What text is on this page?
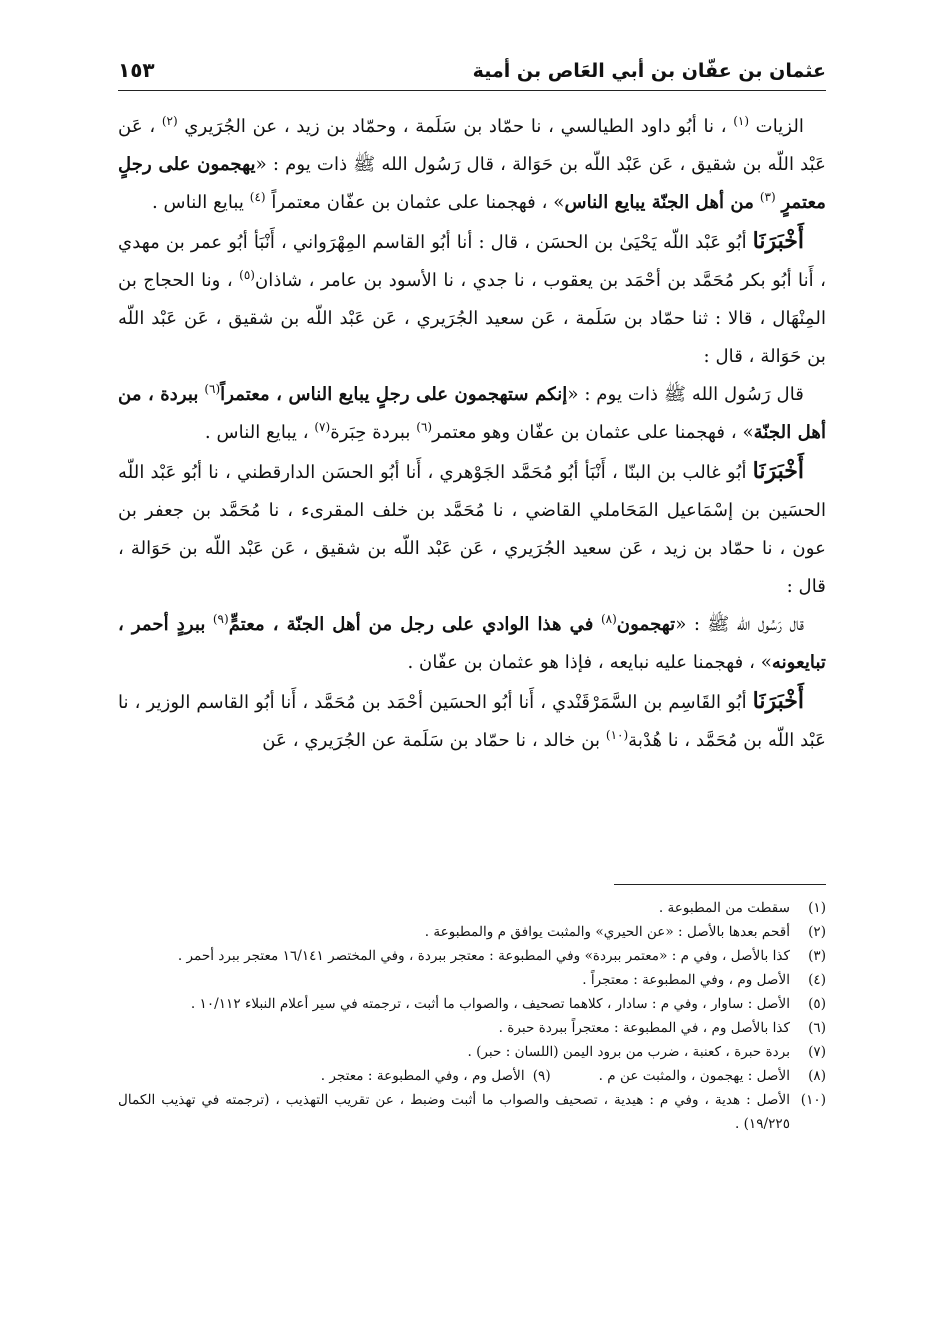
عثمان بن عفّان بن أبي العَاص بن أمية
١٥٣

الزيات $^{(١)}$ ، نا أبُو داود الطيالسي ، نا حمّاد بن سَلَمة ، وحمّاد بن زيد ، عن الجُرَيري $^{(٢)}$ ، عَن عَبْد اللّه بن شقيق ، عَن عَبْد اللّه بن حَوَالة ، قال رَسُول الله ﷺ ذات يوم : «يهجمون على رجلٍ معتمرٍ $^{(٣)}$ من أهل الجنّة يبايع الناس» ، فهجمنا على عثمان بن عفّان معتمراً $^{(٤)}$ يبايع الناس .

أَخْبَرَنَا أبُو عَبْد اللّه يَحْيَىٰ بن الحسَن ، قال : أنا أبُو القاسم المِهْرَواني ، أَنْبَأ أبُو عمر بن مهدي ، أَنا أبُو بكر مُحَمَّد بن أحْمَد بن يعقوب ، نا جدي ، نا الأسود بن عامر ، شاذان$^{(٥)}$ ، ونا الحجاج بن المِنْهَال ، قالا : ثنا حمّاد بن سَلَمة ، عَن سعيد الجُرَيري ، عَن عَبْد اللّه بن شقيق ، عَن عَبْد اللّه بن حَوَالة ، قال :

قال رَسُول الله ﷺ ذات يوم : «إنكم ستهجمون على رجلٍ يبايع الناس ، معتمراً$^{(٦)}$ ببردة ، من أهل الجنّة» ، فهجمنا على عثمان بن عفّان وهو معتمر$^{(٦)}$ ببردة حِبَرة$^{(٧)}$ ، يبايع الناس .

أَخْبَرَنَا أبُو غالب بن البنّا ، أَنْبَأ أبُو مُحَمَّد الجَوْهري ، أَنا أبُو الحسَن الدارقطني ، نا أبُو عَبْد اللّه الحسَين بن إسْمَاعيل المَحَاملي القاضي ، نا مُحَمَّد بن خلف المقرىء ، نا مُحَمَّد بن جعفر بن عون ، نا حمّاد بن زيد ، عَن سعيد الجُرَيري ، عَن عَبْد اللّه بن شقيق ، عَن عَبْد اللّه بن حَوَالة ، قال :

قال رَسُول الله ﷺ : «تهجمون$^{(٨)}$ في هذا الوادي على رجل من أهل الجنّة ، معتمٍّ$^{(٩)}$ ببردٍ أحمر ، تبايعونه» ، فهجمنا عليه نبايعه ، فإذا هو عثمان بن عفّان .

أَخْبَرَنَا أبُو القَاسِم بن السَّمَرْقَنْدي ، أَنا أبُو الحسَين أحْمَد بن مُحَمَّد ، أَنا أبُو القاسم الوزير ، نا عَبْد اللّه بن مُحَمَّد ، نا هُدْبة$^{(١٠)}$ بن خالد ، نا حمّاد بن سَلَمة عن الجُرَيري ، عَن

(١)
سقطت من المطبوعة .
(٢)
أقحم بعدها بالأصل : «عن الحيري» والمثبت يوافق م والمطبوعة .
(٣)
كذا بالأصل ، وفي م : «معتمر ببردة» وفي المطبوعة : معتجر ببردة ، وفي المختصر ١٦/١٤١ معتجر ببرد أحمر .
(٤)
الأصل وم ، وفي المطبوعة : معتجراً .
(٥)
الأصل : ساوار ، وفي م : سادار ، كلاهما تصحيف ، والصواب ما أثبت ، ترجمته في سير أعلام النبلاء ١٠/١١٢ .
(٦)
كذا بالأصل وم ، في المطبوعة : معتجراً ببردة حبرة .
(٧)
بردة حبرة ، كعنبة ، ضرب من برود اليمن (اللسان : حبر) .
(٨)
الأصل : يهجمون ، والمثبت عن م .(٩)الأصل وم ، وفي المطبوعة : معتجر .
(١٠)
الأصل : هدية ، وفي م : هيدية ، تصحيف والصواب ما أثبت وضبط ، عن تقريب التهذيب ، (ترجمته في تهذيب الكمال ١٩/٢٢٥) .
